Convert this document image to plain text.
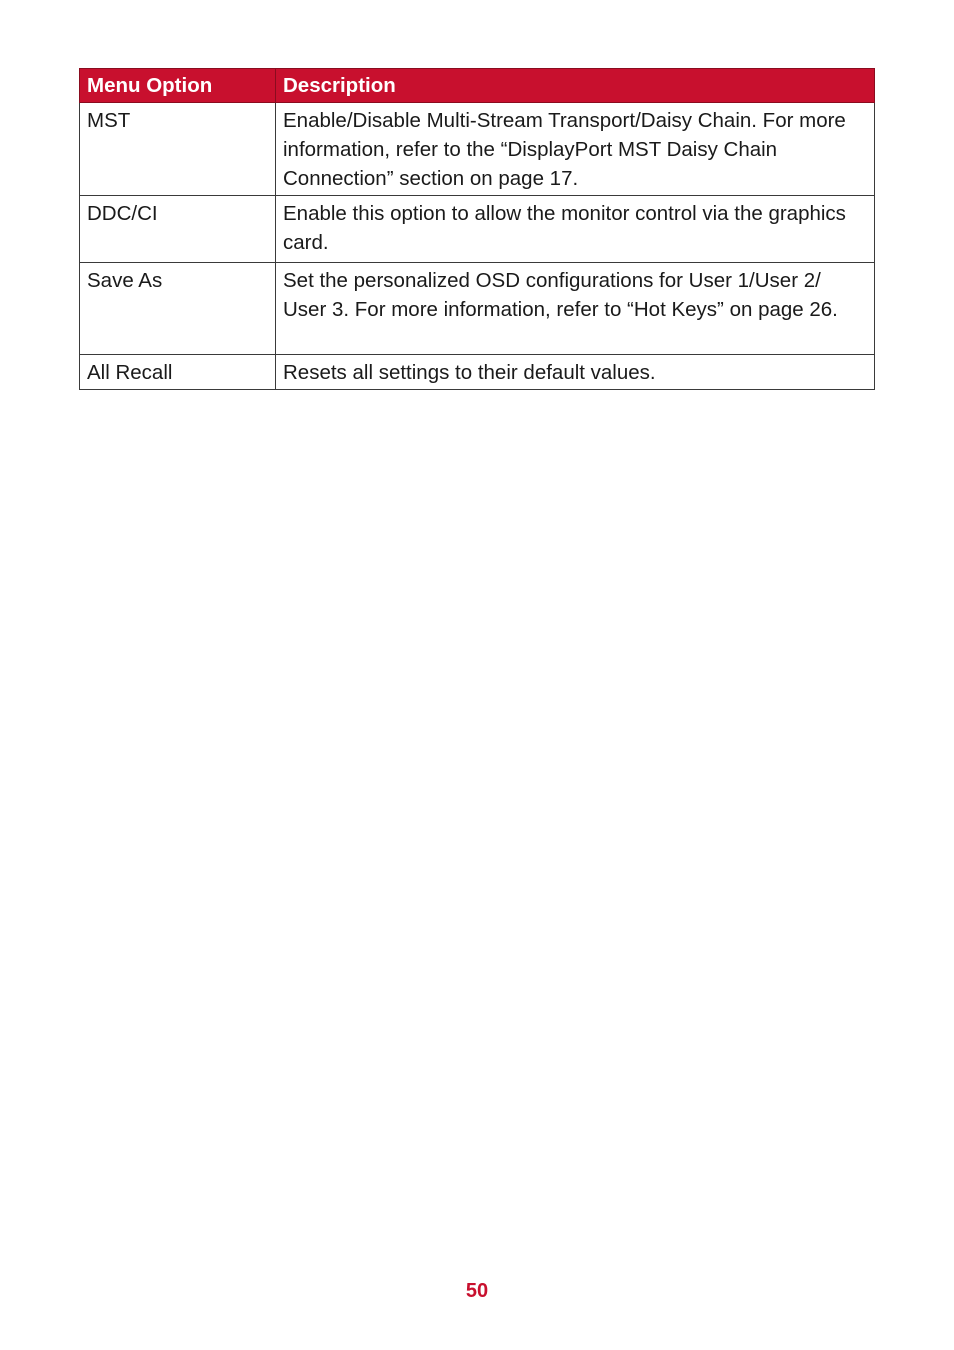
Menu Option	Description
MST	Enable/Disable Multi-Stream Transport/Daisy Chain. For more information, refer to the “DisplayPort MST Daisy Chain Connection” section on page 17.
DDC/CI	Enable this option to allow the monitor control via the graphics card.
Save As	Set the personalized OSD configurations for User 1/User 2/ User 3. For more information, refer to “Hot Keys” on page 26.
All Recall	Resets all settings to their default values.
50
